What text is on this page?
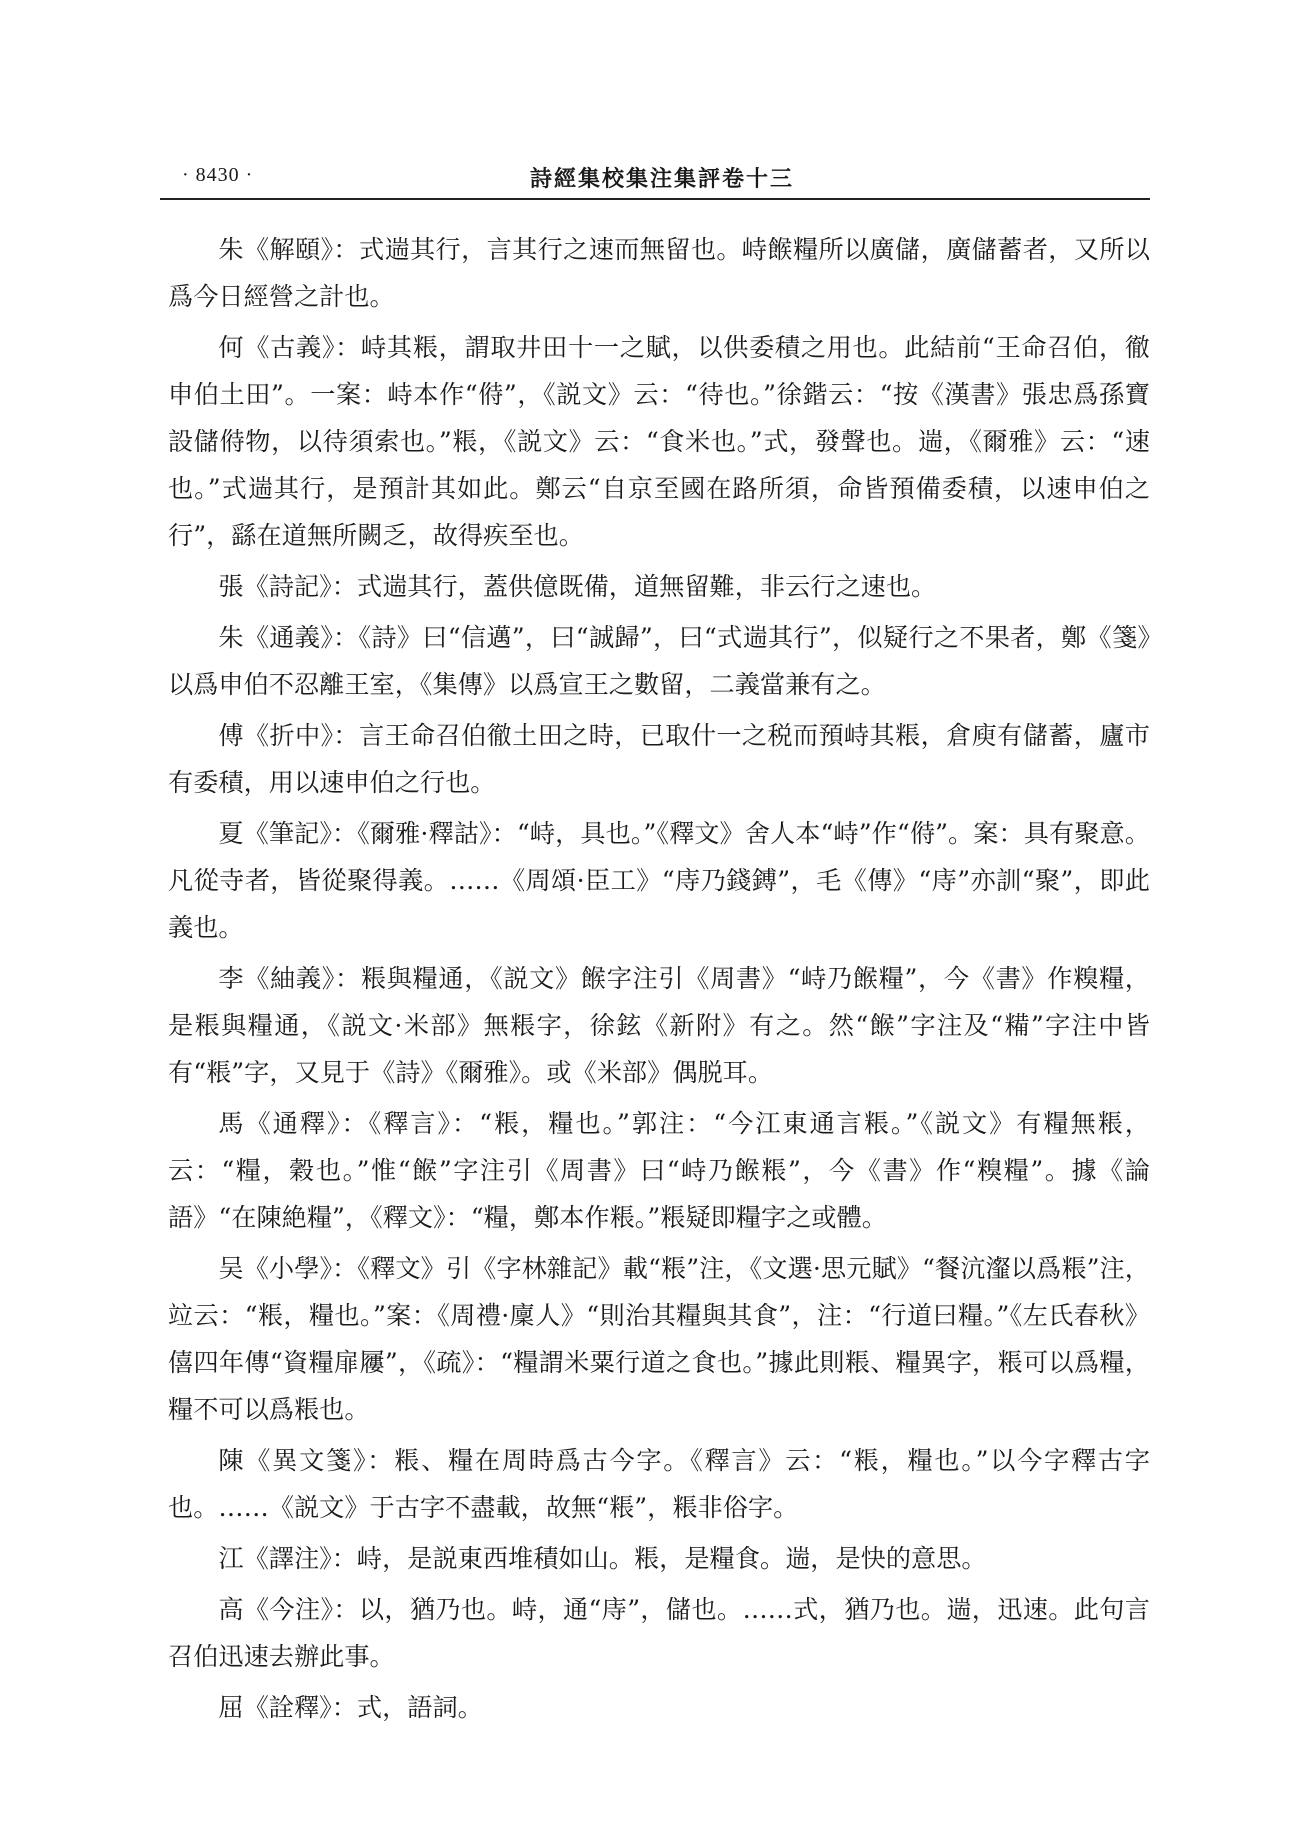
· 8430 ·	詩經集校集注集評卷十三

朱《解頤》：式遄其行，言其行之速而無留也。峙餱糧所以廣儲，廣儲蓄者，又所以爲今日經營之計也。

何《古義》：峙其粻，謂取井田十一之賦，以供委積之用也。此結前“王命召伯，徹申伯土田”。一案：峙本作“偫”，《説文》云：“待也。”徐鍇云：“按《漢書》張忠爲孫寶設儲偫物，以待須索也。”粻，《説文》云：“食米也。”式，發聲也。遄，《爾雅》云：“速也。”式遄其行，是預計其如此。鄭云“自京至國在路所須，命皆預備委積，以速申伯之行”，繇在道無所闕乏，故得疾至也。

張《詩記》：式遄其行，蓋供億既備，道無留難，非云行之速也。

朱《通義》：《詩》曰“信邁”，曰“誠歸”，曰“式遄其行”，似疑行之不果者，鄭《箋》以爲申伯不忍離王室，《集傳》以爲宣王之數留，二義當兼有之。

傅《折中》：言王命召伯徹土田之時，已取什一之税而預峙其粻，倉庾有儲蓄，廬市有委積，用以速申伯之行也。

夏《筆記》：《爾雅·釋詁》：“峙，具也。”《釋文》舍人本“峙”作“偫”。案：具有聚意。凡從寺者，皆從聚得義。……《周頌·臣工》“庤乃錢鎛”，毛《傳》“庤”亦訓“聚”，即此義也。

李《紬義》：粻與糧通，《説文》餱字注引《周書》“峙乃餱糧”，今《書》作糗糧，是粻與糧通，《説文·米部》無粻字，徐鉉《新附》有之。然“餱”字注及“糒”字注中皆有“粻”字，又見于《詩》《爾雅》。或《米部》偶脱耳。

馬《通釋》：《釋言》：“粻，糧也。”郭注：“今江東通言粻。”《説文》有糧無粻，云：“糧，穀也。”惟“餱”字注引《周書》曰“峙乃餱粻”，今《書》作“糗糧”。據《論語》“在陳絶糧”，《釋文》：“糧，鄭本作粻。”粻疑即糧字之或體。

吴《小學》：《釋文》引《字林雜記》載“粻”注，《文選·思元賦》“餐沆瀣以爲粻”注，竝云：“粻，糧也。”案：《周禮·廩人》“則治其糧與其食”，注：“行道曰糧。”《左氏春秋》僖四年傳“資糧扉屨”，《疏》：“糧謂米粟行道之食也。”據此則粻、糧異字，粻可以爲糧，糧不可以爲粻也。

陳《異文箋》：粻、糧在周時爲古今字。《釋言》云：“粻，糧也。”以今字釋古字也。……《説文》于古字不盡載，故無“粻”，粻非俗字。

江《譯注》：峙，是説東西堆積如山。粻，是糧食。遄，是快的意思。

高《今注》：以，猶乃也。峙，通“庤”，儲也。……式，猶乃也。遄，迅速。此句言召伯迅速去辦此事。

屈《詮釋》：式，語詞。
